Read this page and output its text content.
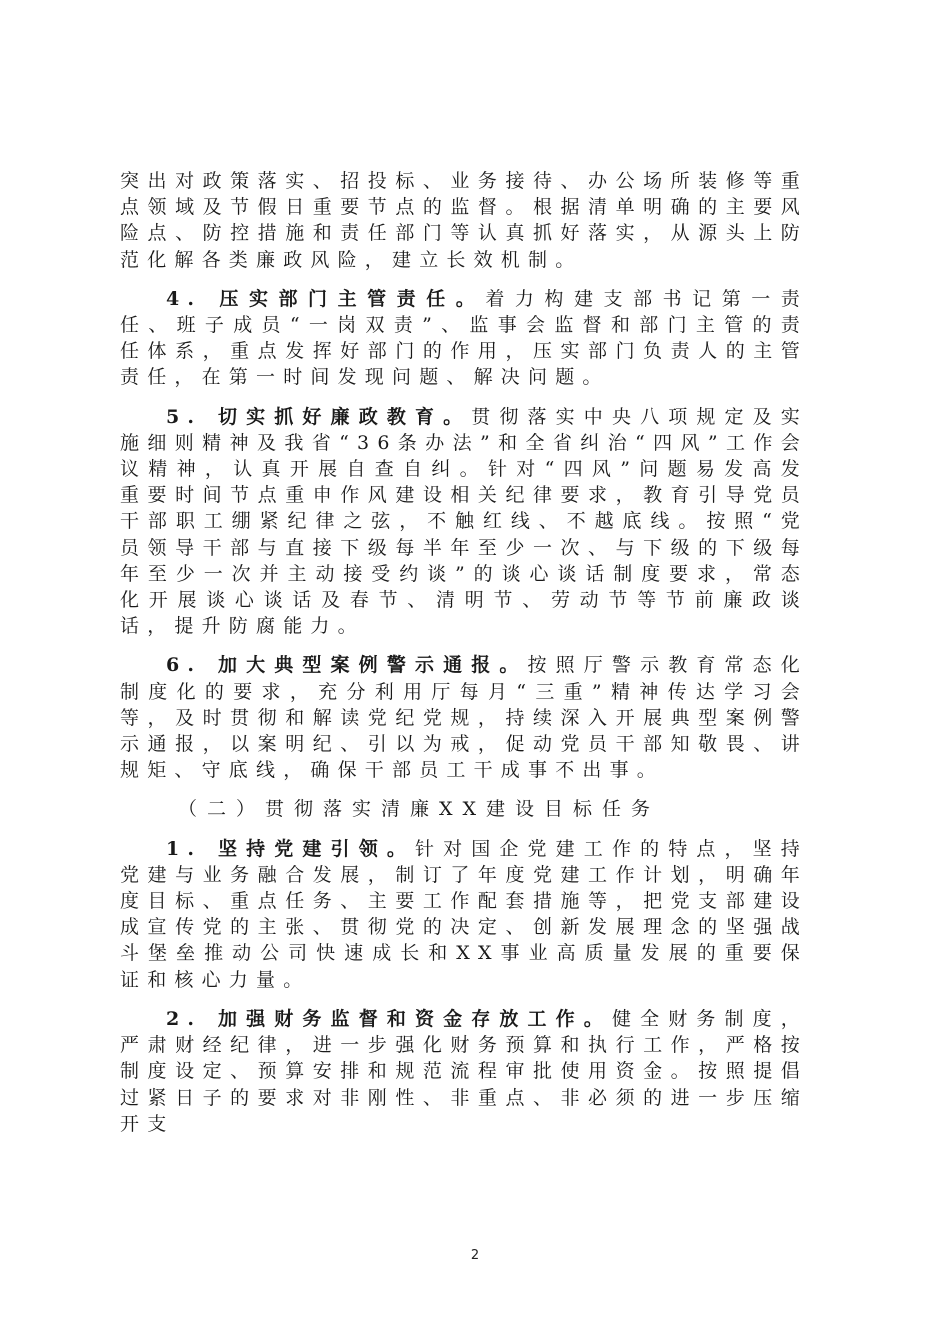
突出对政策落实、招投标、业务接待、办公场所装修等重点领域及节假日重要节点的监督。根据清单明确的主要风险点、防控措施和责任部门等认真抓好落实，从源头上防范化解各类廉政风险，建立长效机制。

4. 压实部门主管责任。着力构建支部书记第一责任、班子成员“一岗双责”、监事会监督和部门主管的责任体系，重点发挥好部门的作用，压实部门负责人的主管责任，在第一时间发现问题、解决问题。

5. 切实抓好廉政教育。贯彻落实中央八项规定及实施细则精神及我省“36条办法”和全省纠治“四风”工作会议精神，认真开展自查自纠。针对“四风”问题易发高发重要时间节点重申作风建设相关纪律要求，教育引导党员干部职工绷紧纪律之弦，不触红线、不越底线。按照“党员领导干部与直接下级每半年至少一次、与下级的下级每年至少一次并主动接受约谈”的谈心谈话制度要求，常态化开展谈心谈话及春节、清明节、劳动节等节前廉政谈话，提升防腐能力。

6. 加大典型案例警示通报。按照厅警示教育常态化制度化的要求，充分利用厅每月“三重”精神传达学习会等，及时贯彻和解读党纪党规，持续深入开展典型案例警示通报，以案明纪、引以为戒，促动党员干部知敬畏、讲规矩、守底线，确保干部员工干成事不出事。

（二）贯彻落实清廉XX建设目标任务

1. 坚持党建引领。针对国企党建工作的特点，坚持党建与业务融合发展，制订了年度党建工作计划，明确年度目标、重点任务、主要工作配套措施等，把党支部建设成宣传党的主张、贯彻党的决定、创新发展理念的坚强战斗堡垒推动公司快速成长和XX事业高质量发展的重要保证和核心力量。

2. 加强财务监督和资金存放工作。健全财务制度，严肃财经纪律，进一步强化财务预算和执行工作，严格按制度设定、预算安排和规范流程审批使用资金。按照提倡过紧日子的要求对非刚性、非重点、非必须的进一步压缩开支

2
